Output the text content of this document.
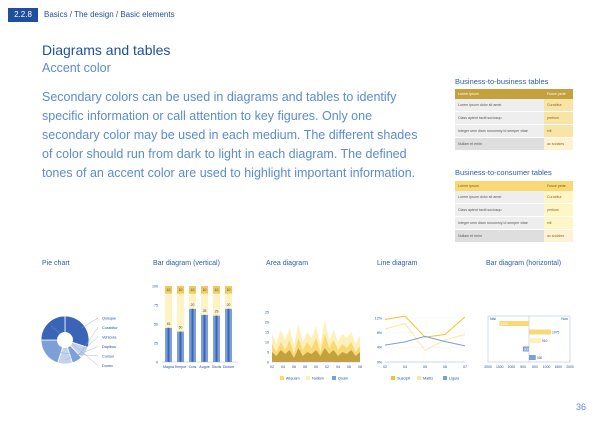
2.2.8	Basics / The design / Basic elements
Diagrams and tables
Accent color

Secondary colors can be used in diagrams and tables to identify specific information or call attention to key figures. Only one secondary color may be used in each medium. The different shades of color should run from dark to light in each diagram. The defined tones of an accent color are used to highlight important information.

Business-to-business tables
Lorem ipsum	Fusce pede
Lorem ipsum dolor sit amet	Curabitur
Class aptent taciti sociosqu	pretium
Integer sem diam nonummy id semper vitae	elit
Nullam et enim	ac sodales
Business-to-consumer tables
Lorem ipsum	Fusce pede
Lorem ipsum dolor sit amet	Curabitur
Class aptent taciti sociosqu	pretium
Integer sem diam nonummy id semper vitae	elit
Nullam et enim	ac sodales
Pie chart	Bar diagram (vertical)	Area diagram	Line diagram	Bar diagram (horizontal)
Quisque
Curabitur
Vehicula
Dapibus
Cursus
Donec
0
25
50
75
100
10
45
Magna
10
50
Tempor
10
20
Cras
10
28
Augue
10
29
Sociis
10
20
Dictum
0
5
10
15
20
25
02 04 06 08 00 02 04 06 08
0%
4%
8%
12%
02	04	05	06	07
Nisi	Non
1440
1075
910
300
330
2000 1500 1000 500 500 1000 1500 2000
Aliquam	Nullam	Quam	Suscipit	Mattis	Ligula
36
